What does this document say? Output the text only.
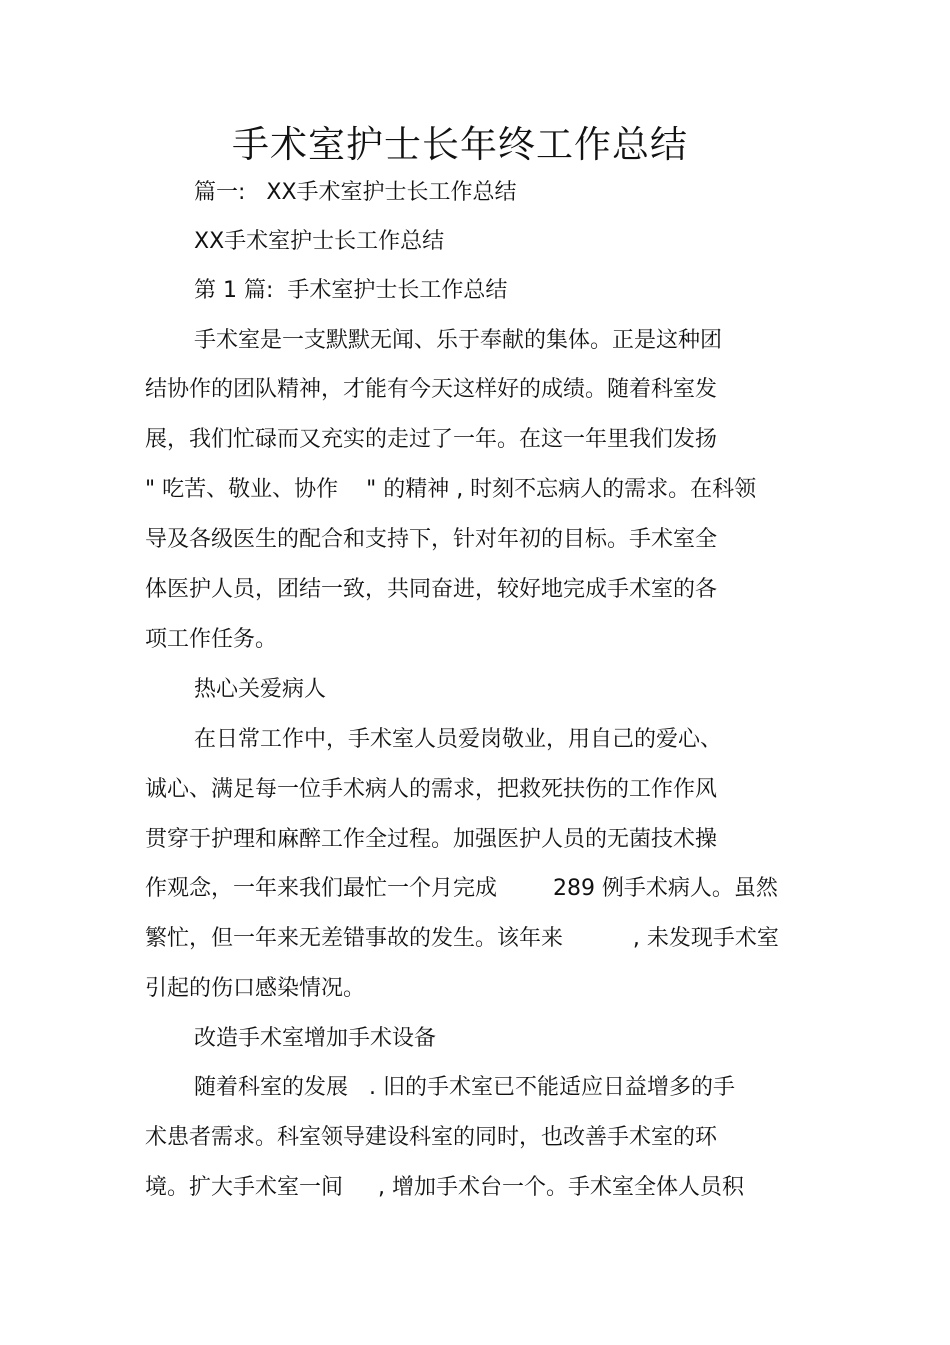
手术室护士长年终工作总结
篇一:   XX手术室护士长工作总结
XX手术室护士长工作总结
第 1 篇:  手术室护士长工作总结
手术室是一支默默无闻、乐于奉献的集体。正是这种团
结协作的团队精神，才能有今天这样好的成绩。随着科室发
展，我们忙碌而又充实的走过了一年。在这一年里我们发扬
" 吃苦、敬业、协作    " 的精神 , 时刻不忘病人的需求。在科领
导及各级医生的配合和支持下，针对年初的目标。手术室全
体医护人员，团结一致，共同奋进，较好地完成手术室的各
项工作任务。
热心关爱病人
在日常工作中，手术室人员爱岗敬业，用自己的爱心、
诚心、满足每一位手术病人的需求，把救死扶伤的工作作风
贯穿于护理和麻醉工作全过程。加强医护人员的无菌技术操
作观念，一年来我们最忙一个月完成        289 例手术病人。虽然
繁忙，但一年来无差错事故的发生。该年来          , 未发现手术室
引起的伤口感染情况。
改造手术室增加手术设备
随着科室的发展   . 旧的手术室已不能适应日益增多的手
术患者需求。科室领导建设科室的同时，也改善手术室的环
境。扩大手术室一间     , 增加手术台一个。手术室全体人员积
